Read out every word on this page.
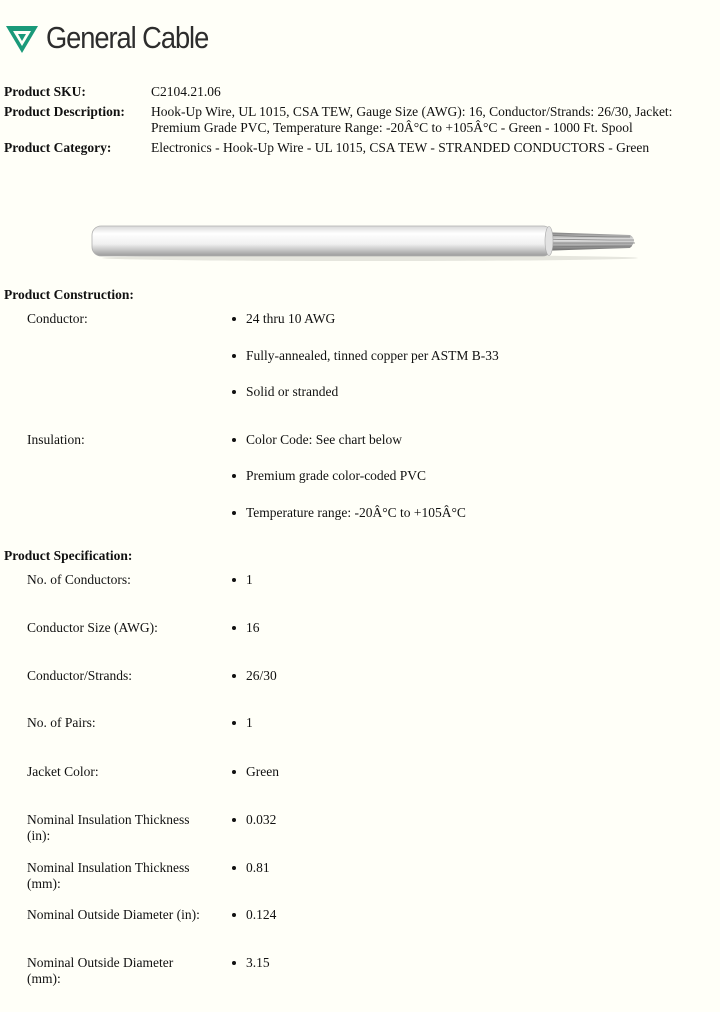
General Cable
Product SKU:	C2104.21.06
Product Description: Hook-Up Wire, UL 1015, CSA TEW, Gauge Size (AWG): 16, Conductor/Strands: 26/30, Jacket: Premium Grade PVC, Temperature Range: -20Â°C to +105Â°C - Green - 1000 Ft. Spool
Product Category:	Electronics - Hook-Up Wire - UL 1015, CSA TEW - STRANDED CONDUCTORS - Green
Product Construction:
Conductor:	24 thru 10 AWG
Fully-annealed, tinned copper per ASTM B-33
Solid or stranded
Insulation:	Color Code: See chart below
Premium grade color-coded PVC
Temperature range: -20Â°C to +105Â°C
Product Specification:
No. of Conductors:	1
Conductor Size (AWG):	16
Conductor/Strands:	26/30
No. of Pairs:	1
Jacket Color:	Green
Nominal Insulation Thickness (in):
0.032
Nominal Insulation Thickness (mm):
0.81
Nominal Outside Diameter (in):	0.124
Nominal Outside Diameter (mm):
3.15
